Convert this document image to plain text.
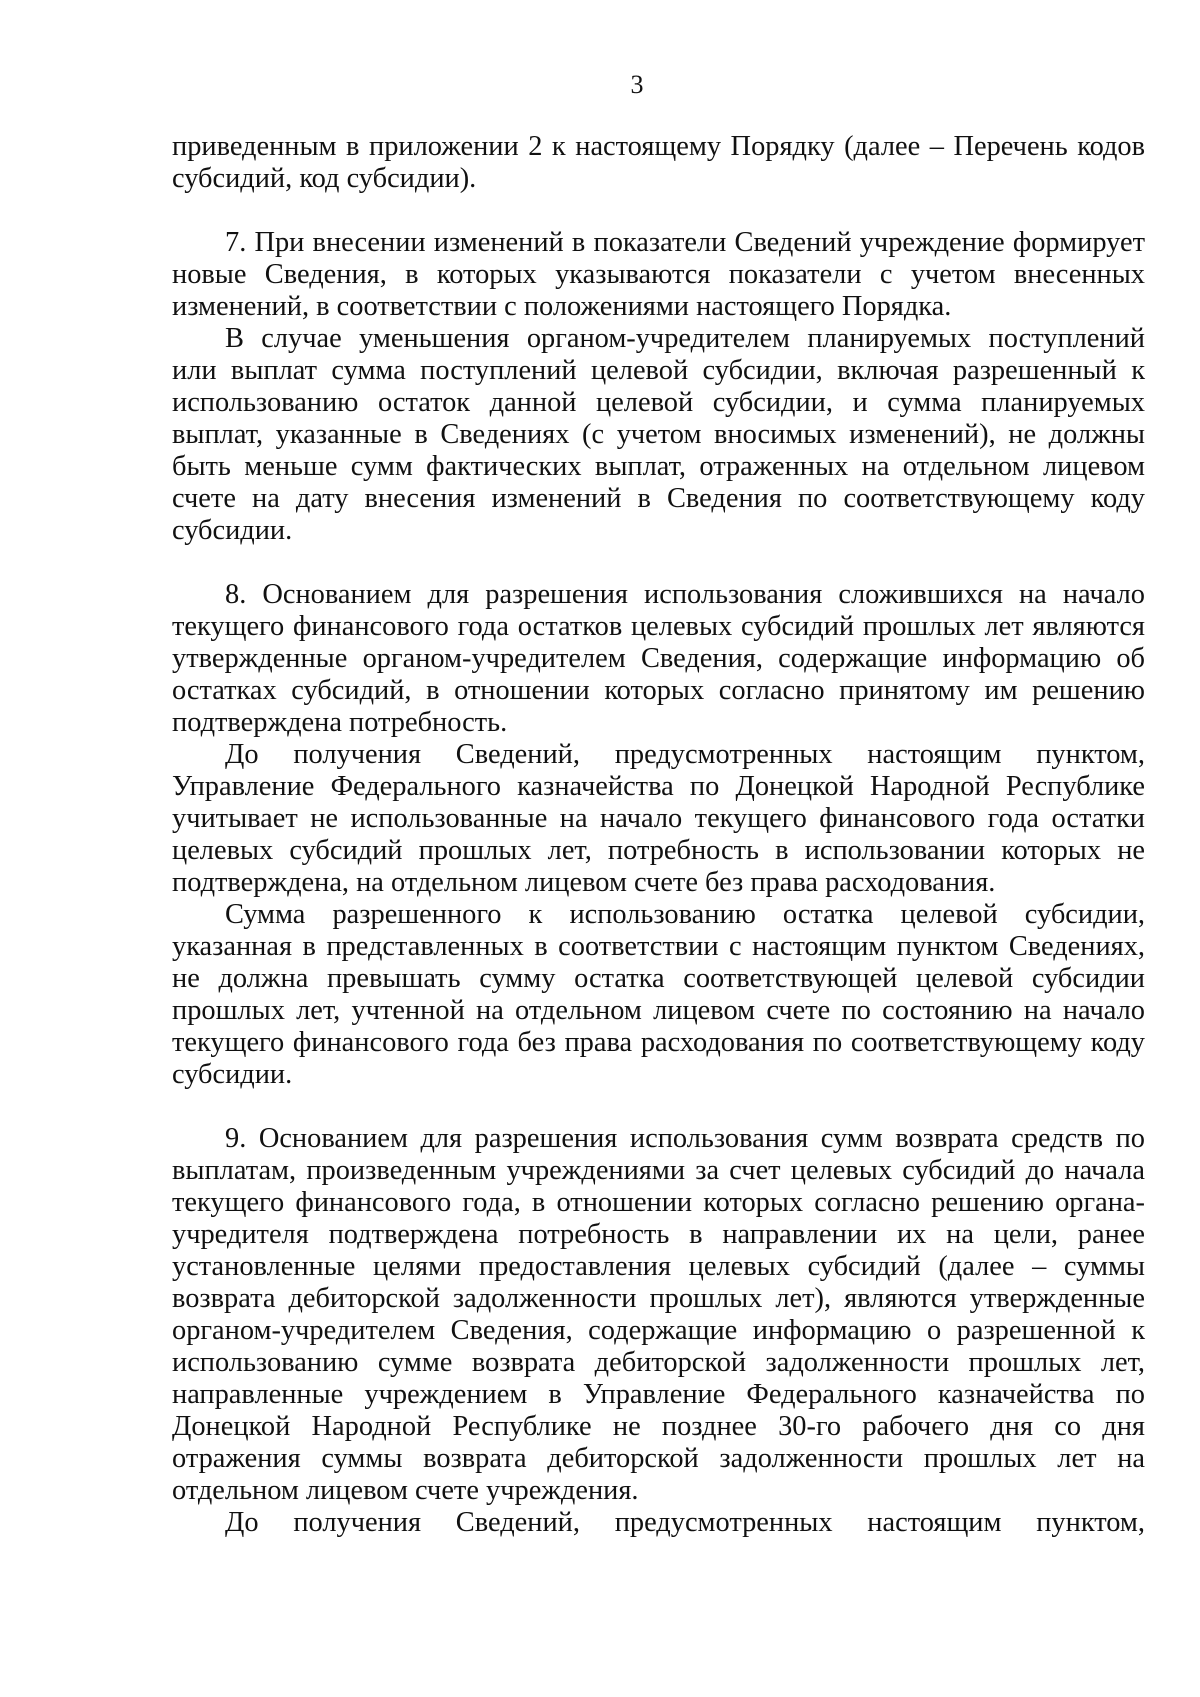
3

приведенным в приложении 2 к настоящему Порядку (далее – Перечень кодов субсидий, код субсидии).

7. При внесении изменений в показатели Сведений учреждение формирует новые Сведения, в которых указываются показатели с учетом внесенных изменений, в соответствии с положениями настоящего Порядка.

В случае уменьшения органом-учредителем планируемых поступлений или выплат сумма поступлений целевой субсидии, включая разрешенный к использованию остаток данной целевой субсидии, и сумма планируемых выплат, указанные в Сведениях (с учетом вносимых изменений), не должны быть меньше сумм фактических выплат, отраженных на отдельном лицевом счете на дату внесения изменений в Сведения по соответствующему коду субсидии.

8. Основанием для разрешения использования сложившихся на начало текущего финансового года остатков целевых субсидий прошлых лет являются утвержденные органом-учредителем Сведения, содержащие информацию об остатках субсидий, в отношении которых согласно принятому им решению подтверждена потребность.

До получения Сведений, предусмотренных настоящим пунктом, Управление Федерального казначейства по Донецкой Народной Республике учитывает не использованные на начало текущего финансового года остатки целевых субсидий прошлых лет, потребность в использовании которых не подтверждена, на отдельном лицевом счете без права расходования.

Сумма разрешенного к использованию остатка целевой субсидии, указанная в представленных в соответствии с настоящим пунктом Сведениях, не должна превышать сумму остатка соответствующей целевой субсидии прошлых лет, учтенной на отдельном лицевом счете по состоянию на начало текущего финансового года без права расходования по соответствующему коду субсидии.

9. Основанием для разрешения использования сумм возврата средств по выплатам, произведенным учреждениями за счет целевых субсидий до начала текущего финансового года, в отношении которых согласно решению органа-учредителя подтверждена потребность в направлении их на цели, ранее установленные целями предоставления целевых субсидий (далее – суммы возврата дебиторской задолженности прошлых лет), являются утвержденные органом-учредителем Сведения, содержащие информацию о разрешенной к использованию сумме возврата дебиторской задолженности прошлых лет, направленные учреждением в Управление Федерального казначейства по Донецкой Народной Республике не позднее 30-го рабочего дня со дня отражения суммы возврата дебиторской задолженности прошлых лет на отдельном лицевом счете учреждения.

До получения Сведений, предусмотренных настоящим пунктом,
